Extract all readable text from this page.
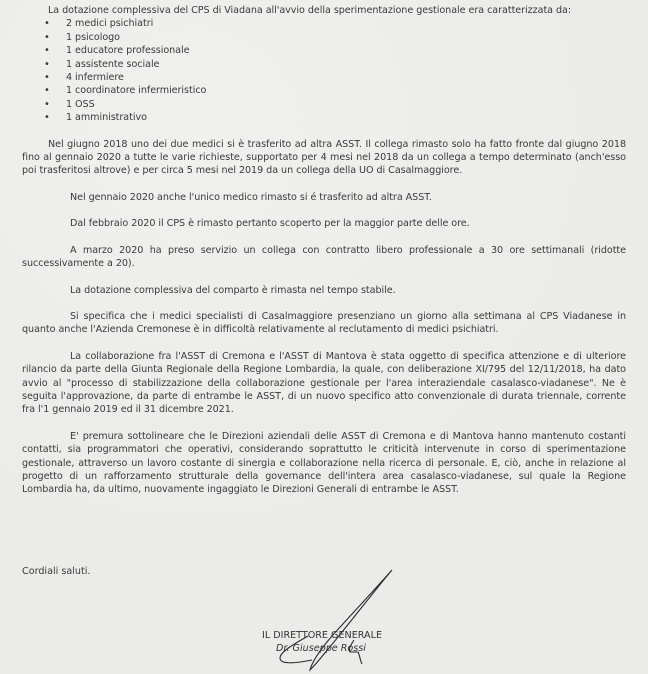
La dotazione complessiva del CPS di Viadana all'avvio della sperimentazione gestionale era caratterizzata da:

• 2 medici psichiatri
• 1 psicologo
• 1 educatore professionale
• 1 assistente sociale
• 4 infermiere
• 1 coordinatore infermieristico
• 1 OSS
• 1 amministrativo

Nel giugno 2018 uno dei due medici si è trasferito ad altra ASST. Il collega rimasto solo ha fatto fronte dal giugno 2018 fino al gennaio 2020 a tutte le varie richieste, supportato per 4 mesi nel 2018 da un collega a tempo determinato (anch'esso poi trasferitosi altrove) e per circa 5 mesi nel 2019 da un collega della UO di Casalmaggiore.

Nel gennaio 2020 anche l'unico medico rimasto si é trasferito ad altra ASST.

Dal febbraio 2020 il CPS è rimasto pertanto scoperto per la maggior parte delle ore.

A marzo 2020 ha preso servizio un collega con contratto libero professionale a 30 ore settimanali (ridotte successivamente a 20).

La dotazione complessiva del comparto è rimasta nel tempo stabile.

Si specifica che i medici specialisti di Casalmaggiore presenziano un giorno alla settimana al CPS Viadanese in quanto anche l'Azienda Cremonese è in difficoltà relativamente al reclutamento di medici psichiatri.

La collaborazione fra l'ASST di Cremona e l'ASST di Mantova è stata oggetto di specifica attenzione e di ulteriore rilancio da parte della Giunta Regionale della Regione Lombardia, la quale, con deliberazione XI/795 del 12/11/2018, ha dato avvio al "processo di stabilizzazione della collaborazione gestionale per l'area interaziendale casalasco-viadanese". Ne è seguita l'approvazione, da parte di entrambe le ASST, di un nuovo specifico atto convenzionale di durata triennale, corrente fra l'1 gennaio 2019 ed il 31 dicembre 2021.

E' premura sottolineare che le Direzioni aziendali delle ASST di Cremona e di Mantova hanno mantenuto costanti contatti, sia programmatori che operativi, considerando soprattutto le criticità intervenute in corso di sperimentazione gestionale, attraverso un lavoro costante di sinergia e collaborazione nella ricerca di personale. E, ciò, anche in relazione al progetto di un rafforzamento strutturale della governance dell'intera area casalasco-viadanese, sul quale la Regione Lombardia ha, da ultimo, nuovamente ingaggiato le Direzioni Generali di entrambe le ASST.

Cordiali saluti.
IL DIRETTORE GENERALE
Dr. Giuseppe Rossi
